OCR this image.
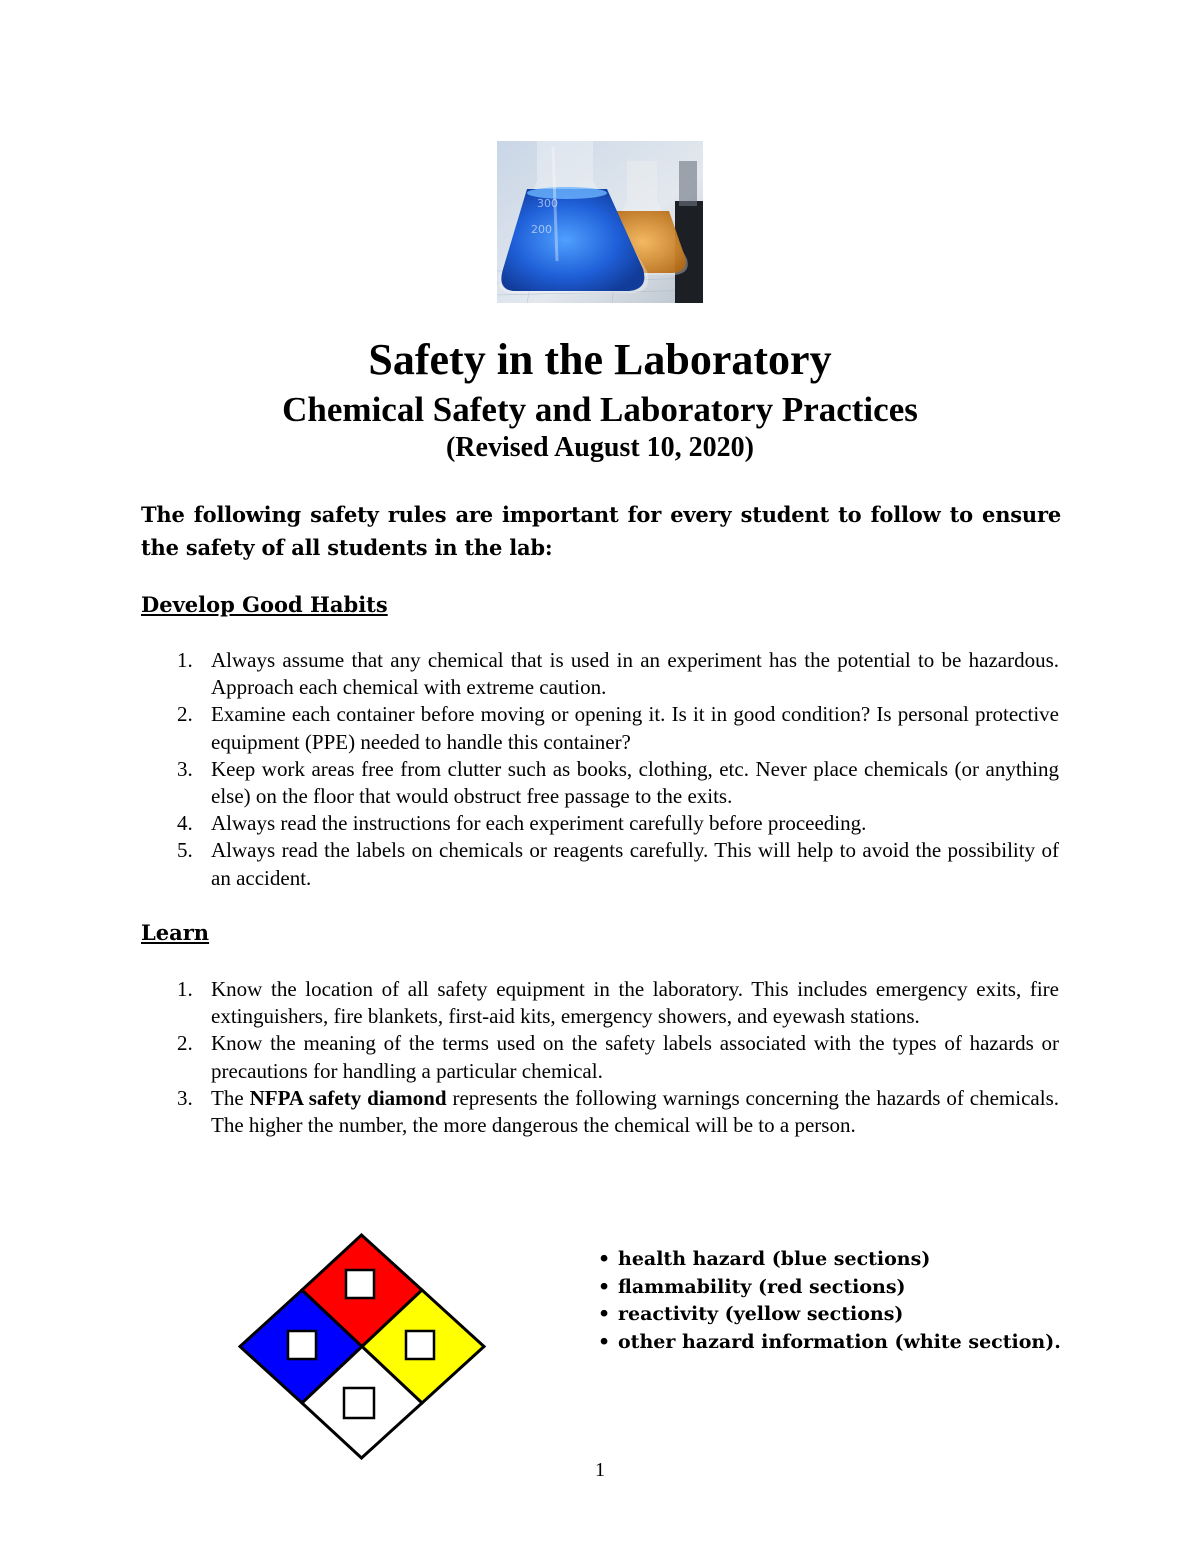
300
200
Safety in the Laboratory
Chemical Safety and Laboratory Practices
(Revised August 10, 2020)
The following safety rules are important for every student to follow to ensure the safety of all students in the lab:
Develop Good Habits
1. Always assume that any chemical that is used in an experiment has the potential to be hazardous. Approach each chemical with extreme caution.
2. Examine each container before moving or opening it. Is it in good condition? Is personal protective equipment (PPE) needed to handle this container?
3. Keep work areas free from clutter such as books, clothing, etc. Never place chemicals (or anything else) on the floor that would obstruct free passage to the exits.
4. Always read the instructions for each experiment carefully before proceeding.
5. Always read the labels on chemicals or reagents carefully. This will help to avoid the possibility of an accident.
Learn
1. Know the location of all safety equipment in the laboratory. This includes emergency exits, fire extinguishers, fire blankets, first-aid kits, emergency showers, and eyewash stations.
2. Know the meaning of the terms used on the safety labels associated with the types of hazards or precautions for handling a particular chemical.
3. The NFPA safety diamond represents the following warnings concerning the hazards of chemicals. The higher the number, the more dangerous the chemical will be to a person.
• health hazard (blue sections)
• flammability (red sections)
• reactivity (yellow sections)
• other hazard information (white section).
1
